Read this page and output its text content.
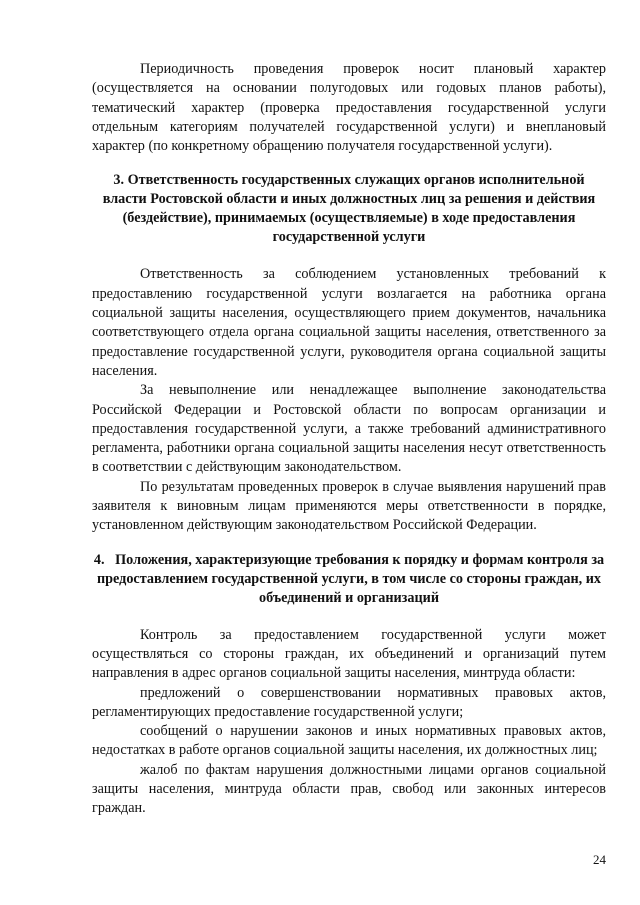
Периодичность проведения проверок носит плановый характер (осуществляется на основании полугодовых или годовых планов работы), тематический характер (проверка предоставления государственной услуги отдельным категориям получателей государственной услуги) и внеплановый характер (по конкретному обращению получателя государственной услуги).

3. Ответственность государственных служащих органов исполнительной власти Ростовской области и иных должностных лиц за решения и действия (бездействие), принимаемых (осуществляемые) в ходе предоставления государственной услуги

Ответственность за соблюдением установленных требований к предоставлению государственной услуги возлагается на работника органа социальной защиты населения, осуществляющего прием документов, начальника соответствующего отдела органа социальной защиты населения, ответственного за предоставление государственной услуги, руководителя органа социальной защиты населения.

За невыполнение или ненадлежащее выполнение законодательства Российской Федерации и Ростовской области по вопросам организации и предоставления государственной услуги, а также требований административного регламента, работники органа социальной защиты населения несут ответственность в соответствии с действующим законодательством.

По результатам проведенных проверок в случае выявления нарушений прав заявителя к виновным лицам применяются меры ответственности в порядке, установленном действующим законодательством Российской Федерации.

4.   Положения, характеризующие требования к порядку и формам контроля за предоставлением государственной услуги, в том числе со стороны граждан, их объединений и организаций

Контроль за предоставлением государственной услуги может осуществляться со стороны граждан, их объединений и организаций путем направления в адрес органов социальной защиты населения, минтруда области:

предложений о совершенствовании нормативных правовых актов, регламентирующих предоставление государственной услуги;

сообщений о нарушении законов и иных нормативных правовых актов, недостатках в работе органов социальной защиты населения, их должностных лиц;

жалоб по фактам нарушения должностными лицами органов социальной защиты населения, минтруда области прав, свобод или законных интересов граждан.

24
